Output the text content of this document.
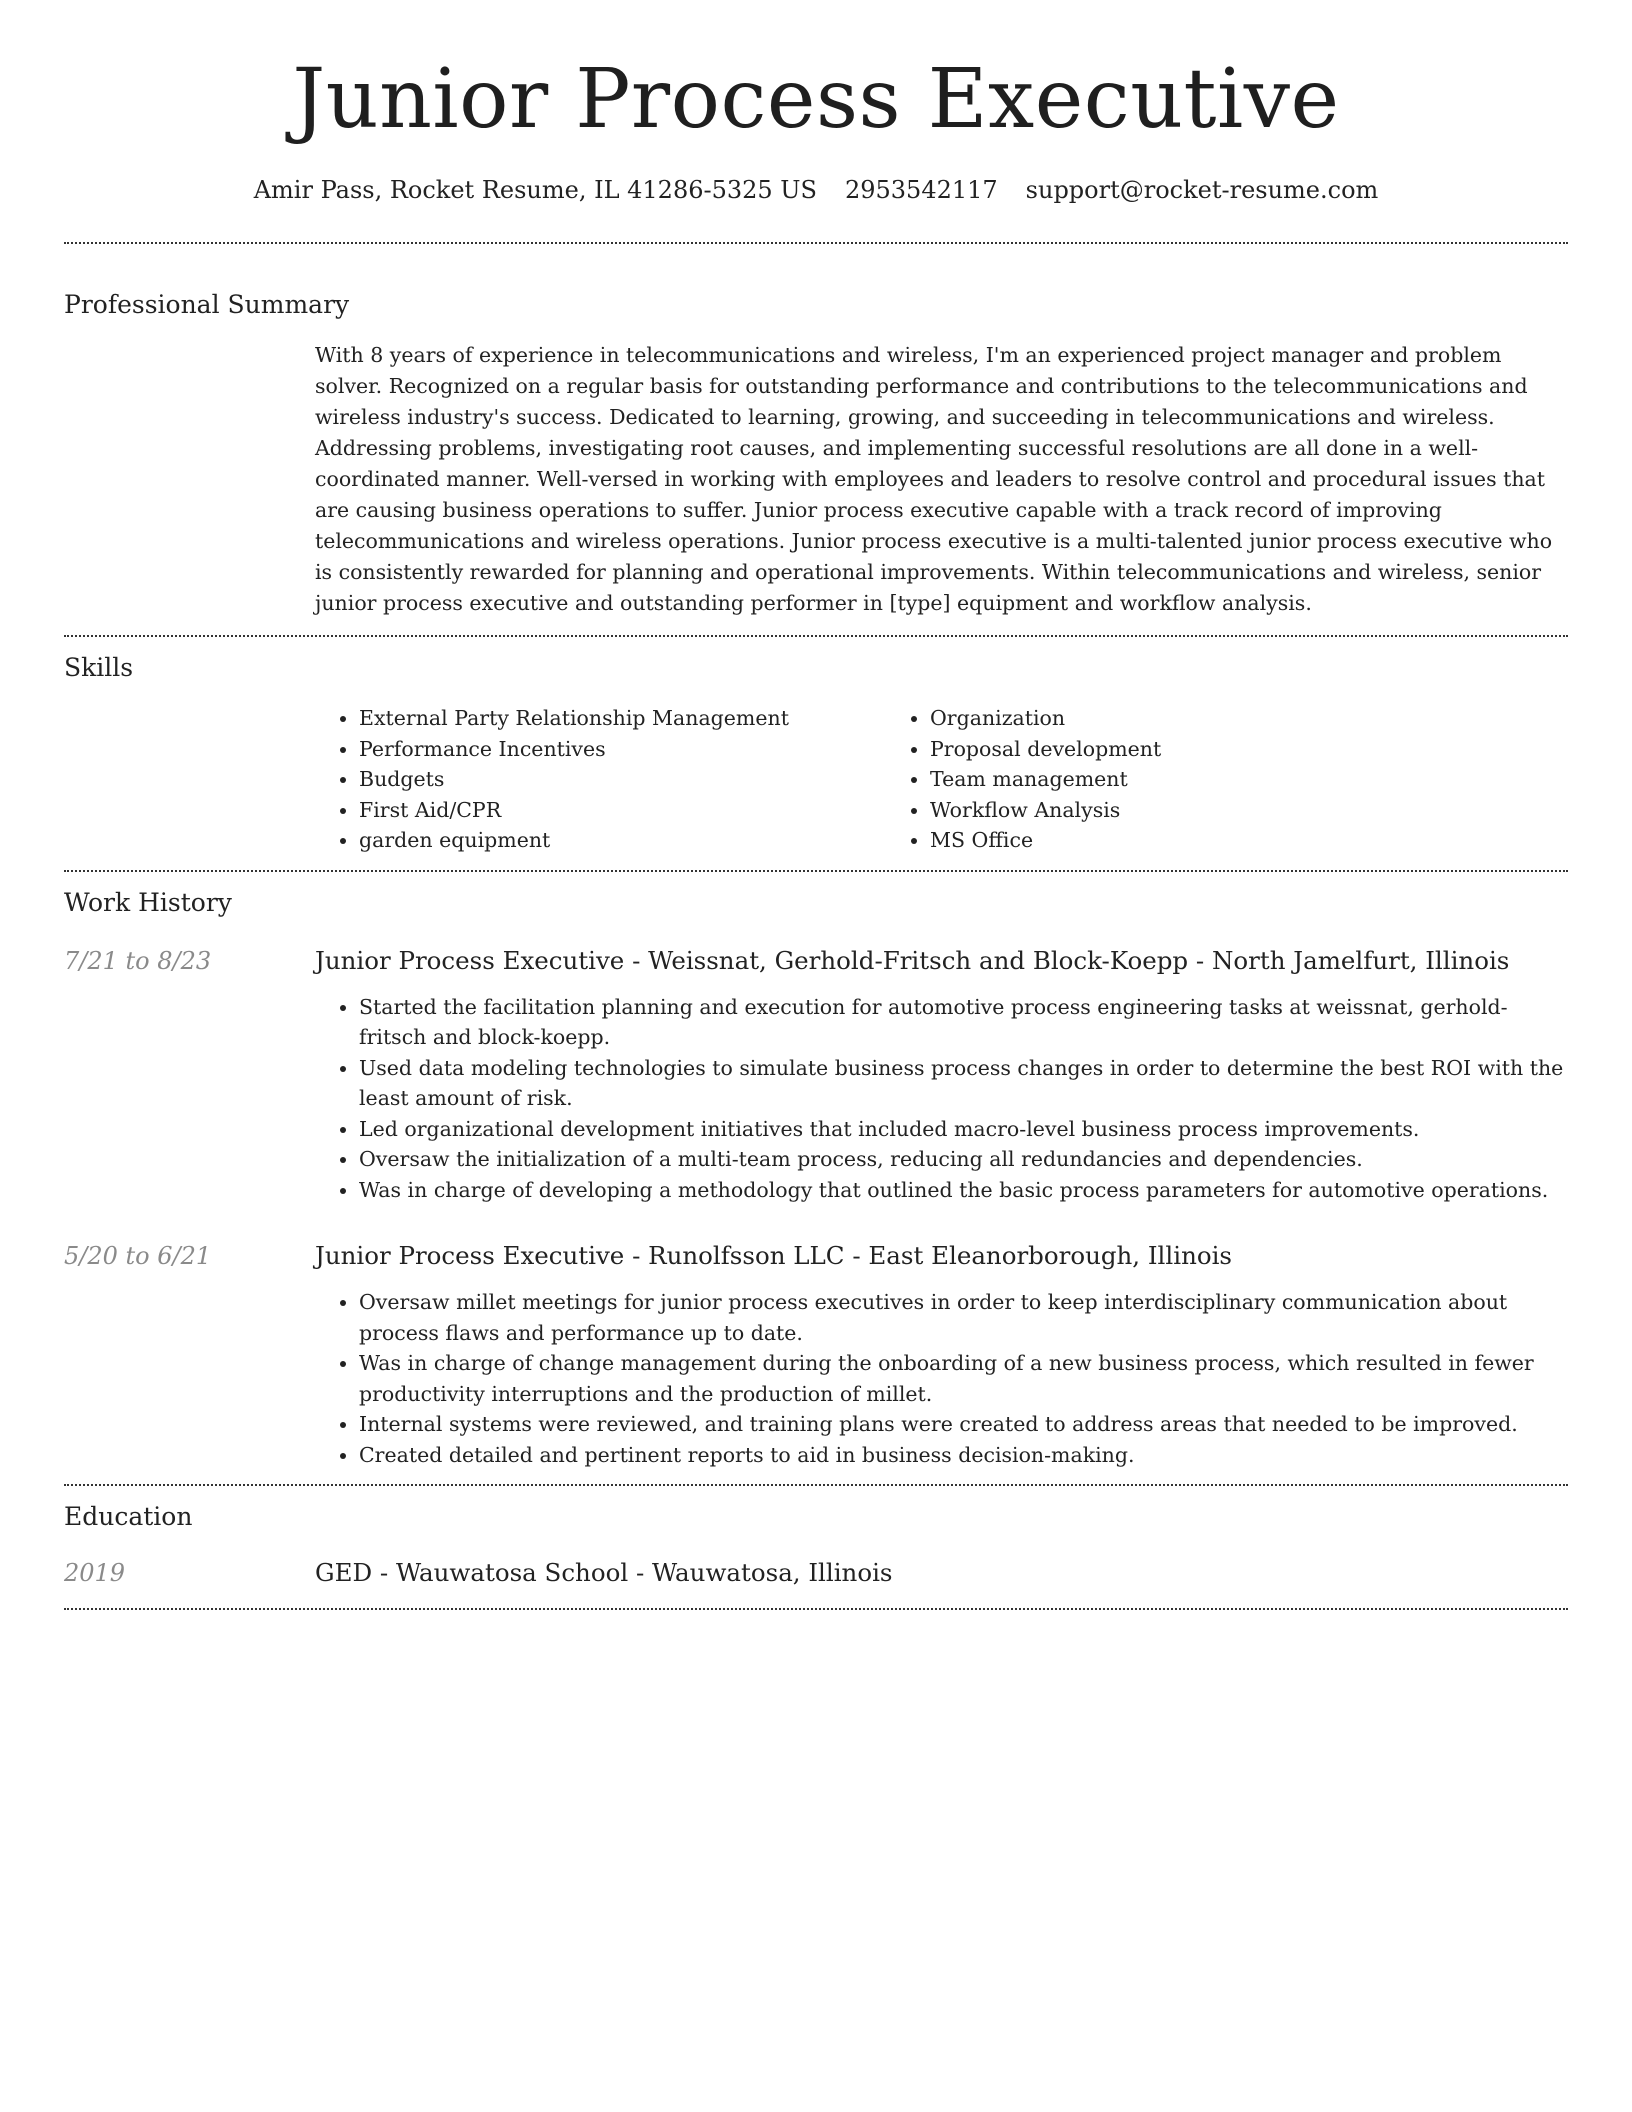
Junior Process Executive
Amir Pass, Rocket Resume, IL 41286-5325 US 2953542117 support@rocket-resume.com
Professional Summary
With 8 years of experience in telecommunications and wireless, I'm an experienced project manager and problem solver. Recognized on a regular basis for outstanding performance and contributions to the telecommunications and wireless industry's success. Dedicated to learning, growing, and succeeding in telecommunications and wireless. Addressing problems, investigating root causes, and implementing successful resolutions are all done in a well-coordinated manner. Well-versed in working with employees and leaders to resolve control and procedural issues that are causing business operations to suffer. Junior process executive capable with a track record of improving telecommunications and wireless operations. Junior process executive is a multi-talented junior process executive who is consistently rewarded for planning and operational improvements. Within telecommunications and wireless, senior junior process executive and outstanding performer in [type] equipment and workflow analysis.
Skills
• External Party Relationship Management
• Performance Incentives
• Budgets
• First Aid/CPR
• garden equipment
• Organization
• Proposal development
• Team management
• Workflow Analysis
• MS Office
Work History
7/21 to 8/23	Junior Process Executive - Weissnat, Gerhold-Fritsch and Block-Koepp - North Jamelfurt, Illinois
• Started the facilitation planning and execution for automotive process engineering tasks at weissnat, gerhold-fritsch and block-koepp.
• Used data modeling technologies to simulate business process changes in order to determine the best ROI with the least amount of risk.
• Led organizational development initiatives that included macro-level business process improvements.
• Oversaw the initialization of a multi-team process, reducing all redundancies and dependencies.
• Was in charge of developing a methodology that outlined the basic process parameters for automotive operations.
5/20 to 6/21	Junior Process Executive - Runolfsson LLC - East Eleanorborough, Illinois
• Oversaw millet meetings for junior process executives in order to keep interdisciplinary communication about process flaws and performance up to date.
• Was in charge of change management during the onboarding of a new business process, which resulted in fewer productivity interruptions and the production of millet.
• Internal systems were reviewed, and training plans were created to address areas that needed to be improved.
• Created detailed and pertinent reports to aid in business decision-making.
Education
2019	GED - Wauwatosa School - Wauwatosa, Illinois
